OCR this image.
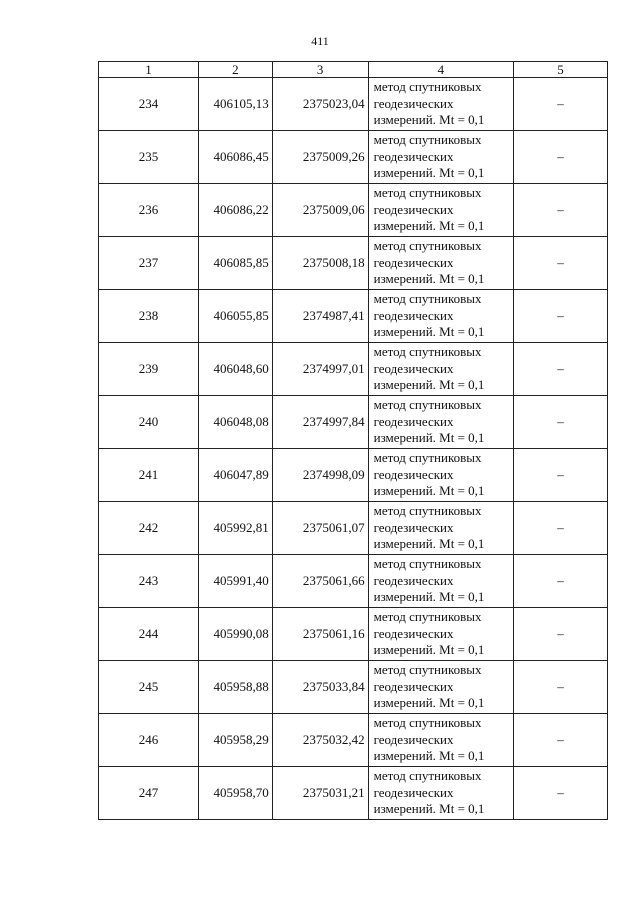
411
1	2	3	4	5
234	406105,13	2375023,04	метод спутниковых
геодезических
измерений. Mt = 0,1	–
235	406086,45	2375009,26	метод спутниковых
геодезических
измерений. Mt = 0,1	–
236	406086,22	2375009,06	метод спутниковых
геодезических
измерений. Mt = 0,1	–
237	406085,85	2375008,18	метод спутниковых
геодезических
измерений. Mt = 0,1	–
238	406055,85	2374987,41	метод спутниковых
геодезических
измерений. Mt = 0,1	–
239	406048,60	2374997,01	метод спутниковых
геодезических
измерений. Mt = 0,1	–
240	406048,08	2374997,84	метод спутниковых
геодезических
измерений. Mt = 0,1	–
241	406047,89	2374998,09	метод спутниковых
геодезических
измерений. Mt = 0,1	–
242	405992,81	2375061,07	метод спутниковых
геодезических
измерений. Mt = 0,1	–
243	405991,40	2375061,66	метод спутниковых
геодезических
измерений. Mt = 0,1	–
244	405990,08	2375061,16	метод спутниковых
геодезических
измерений. Mt = 0,1	–
245	405958,88	2375033,84	метод спутниковых
геодезических
измерений. Mt = 0,1	–
246	405958,29	2375032,42	метод спутниковых
геодезических
измерений. Mt = 0,1	–
247	405958,70	2375031,21	метод спутниковых
геодезических
измерений. Mt = 0,1	–
